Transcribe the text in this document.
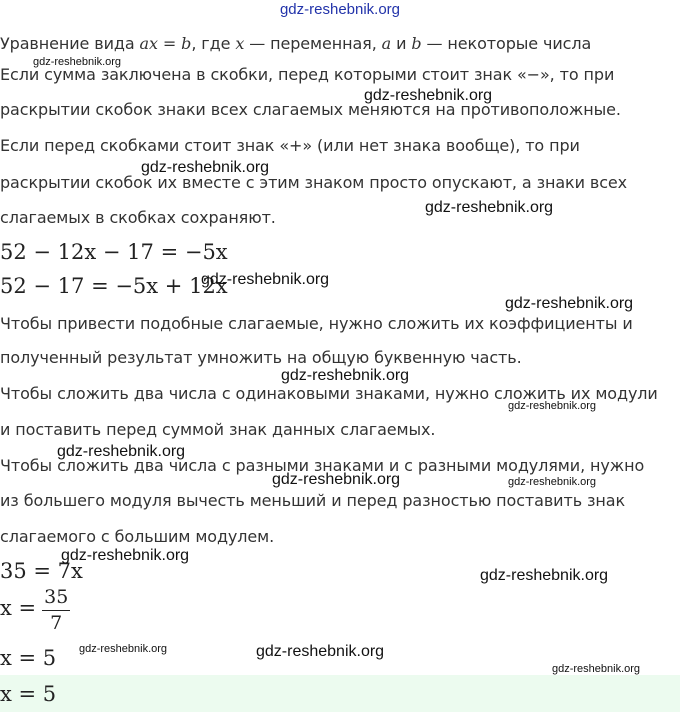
gdz-reshebnik.org
Уравнение вида ax = b, где x — переменная, a и b — некоторые числа
Если сумма заключена в скобки, перед которыми стоит знак «−», то при
раскрытии скобок знаки всех слагаемых меняются на противоположные.
Если перед скобками стоит знак «+» (или нет знака вообще), то при
раскрытии скобок их вместе с этим знаком просто опускают, а знаки всех
слагаемых в скобках сохраняют.
52 − 12x − 17 = −5x
52 − 17 = −5x + 12x
Чтобы привести подобные слагаемые, нужно сложить их коэффициенты и
полученный результат умножить на общую буквенную часть.
Чтобы сложить два числа с одинаковыми знаками, нужно сложить их модули
и поставить перед суммой знак данных слагаемых.
Чтобы сложить два числа с разными знаками и с разными модулями, нужно
из большего модуля вычесть меньший и перед разностью поставить знак
слагаемого с большим модулем.
35 = 7x
$x = \frac{35}{7}$
x = 5
x = 5
gdz-reshebnik.org
gdz-reshebnik.org
gdz-reshebnik.org
gdz-reshebnik.org
gdz-reshebnik.org
gdz-reshebnik.org
gdz-reshebnik.org
gdz-reshebnik.org
gdz-reshebnik.org
gdz-reshebnik.org	gdz-reshebnik.org
gdz-reshebnik.org
gdz-reshebnik.org
gdz-reshebnik.org	gdz-reshebnik.org
gdz-reshebnik.org
